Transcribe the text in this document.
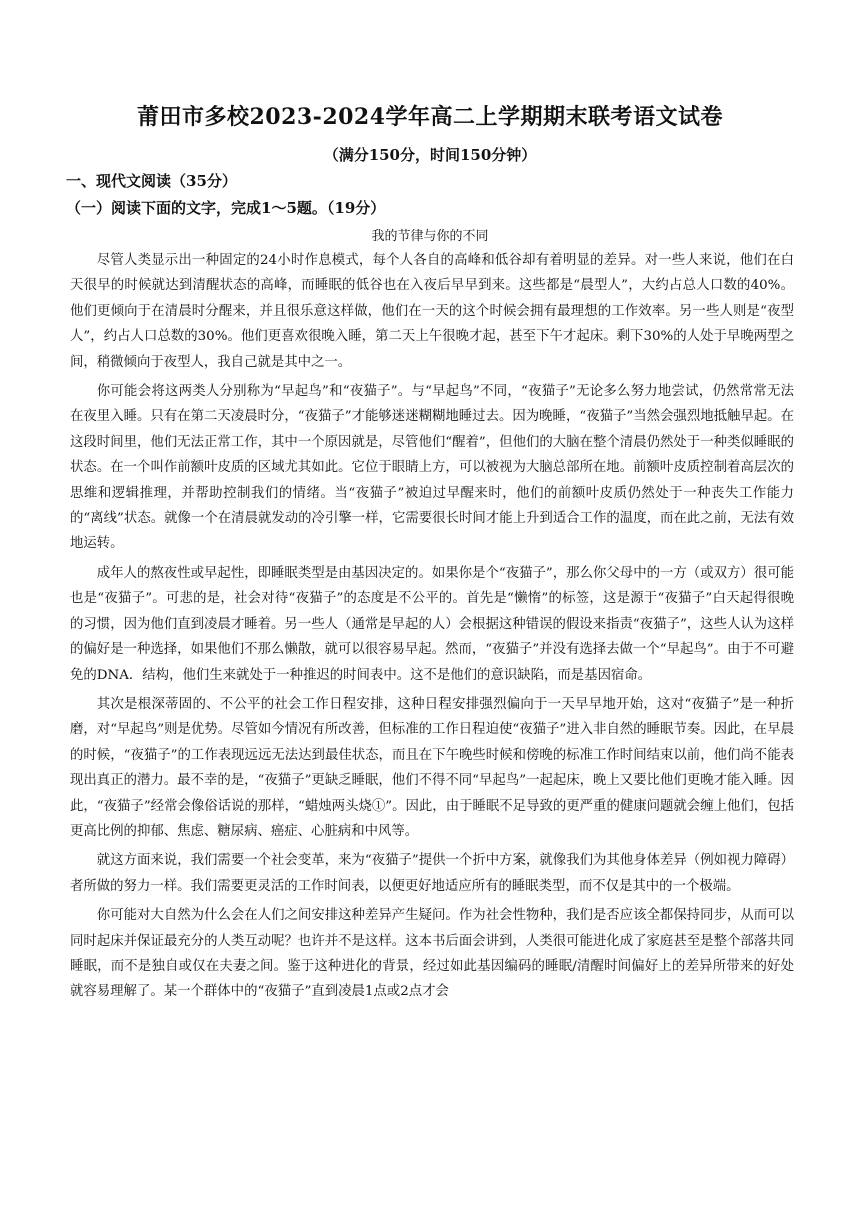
莆田市多校2023-2024学年高二上学期期末联考语文试卷
（满分150分，时间150分钟）
一、现代文阅读（35分）
（一）阅读下面的文字，完成1～5题。（19分）
我的节律与你的不同

尽管人类显示出一种固定的24小时作息模式，每个人各自的高峰和低谷却有着明显的差异。对一些人来说，他们在白天很早的时候就达到清醒状态的高峰，而睡眠的低谷也在入夜后早早到来。这些都是“晨型人”，大约占总人口数的40%。他们更倾向于在清晨时分醒来，并且很乐意这样做，他们在一天的这个时候会拥有最理想的工作效率。另一些人则是“夜型人”，约占人口总数的30%。他们更喜欢很晚入睡，第二天上午很晚才起，甚至下午才起床。剩下30%的人处于早晚两型之间，稍微倾向于夜型人，我自己就是其中之一。

你可能会将这两类人分别称为“早起鸟”和“夜猫子”。与“早起鸟”不同，“夜猫子”无论多么努力地尝试，仍然常常无法在夜里入睡。只有在第二天凌晨时分，“夜猫子”才能够迷迷糊糊地睡过去。因为晚睡，“夜猫子”当然会强烈地抵触早起。在这段时间里，他们无法正常工作，其中一个原因就是，尽管他们“醒着”，但他们的大脑在整个清晨仍然处于一种类似睡眠的状态。在一个叫作前额叶皮质的区域尤其如此。它位于眼睛上方，可以被视为大脑总部所在地。前额叶皮质控制着高层次的思维和逻辑推理，并帮助控制我们的情绪。当“夜猫子”被迫过早醒来时，他们的前额叶皮质仍然处于一种丧失工作能力的“离线”状态。就像一个在清晨就发动的冷引擎一样，它需要很长时间才能上升到适合工作的温度，而在此之前，无法有效地运转。

成年人的熬夜性或早起性，即睡眠类型是由基因决定的。如果你是个“夜猫子”，那么你父母中的一方（或双方）很可能也是“夜猫子”。可悲的是，社会对待“夜猫子”的态度是不公平的。首先是“懒惰”的标签，这是源于“夜猫子”白天起得很晚的习惯，因为他们直到凌晨才睡着。另一些人（通常是早起的人）会根据这种错误的假设来指责“夜猫子”，这些人认为这样的偏好是一种选择，如果他们不那么懒散，就可以很容易早起。然而，“夜猫子”并没有选择去做一个“早起鸟”。由于不可避免的DNA．结构，他们生来就处于一种推迟的时间表中。这不是他们的意识缺陷，而是基因宿命。

其次是根深蒂固的、不公平的社会工作日程安排，这种日程安排强烈偏向于一天早早地开始，这对“夜猫子”是一种折磨，对“早起鸟”则是优势。尽管如今情况有所改善，但标准的工作日程迫使“夜猫子”进入非自然的睡眠节奏。因此，在早晨的时候，“夜猫子”的工作表现远远无法达到最佳状态，而且在下午晚些时候和傍晚的标准工作时间结束以前，他们尚不能表现出真正的潜力。最不幸的是，“夜猫子”更缺乏睡眠，他们不得不同“早起鸟”一起起床，晚上又要比他们更晚才能入睡。因此，“夜猫子”经常会像俗话说的那样，“蜡烛两头烧①”。因此，由于睡眠不足导致的更严重的健康问题就会缠上他们，包括更高比例的抑郁、焦虑、糖尿病、癌症、心脏病和中风等。

就这方面来说，我们需要一个社会变革，来为“夜猫子”提供一个折中方案，就像我们为其他身体差异（例如视力障碍）者所做的努力一样。我们需要更灵活的工作时间表，以便更好地适应所有的睡眠类型，而不仅是其中的一个极端。

你可能对大自然为什么会在人们之间安排这种差异产生疑问。作为社会性物种，我们是否应该全都保持同步，从而可以同时起床并保证最充分的人类互动呢？也许并不是这样。这本书后面会讲到，人类很可能进化成了家庭甚至是整个部落共同睡眠，而不是独自或仅在夫妻之间。鉴于这种进化的背景，经过如此基因编码的睡眠/清醒时间偏好上的差异所带来的好处就容易理解了。某一个群体中的“夜猫子”直到凌晨1点或2点才会
